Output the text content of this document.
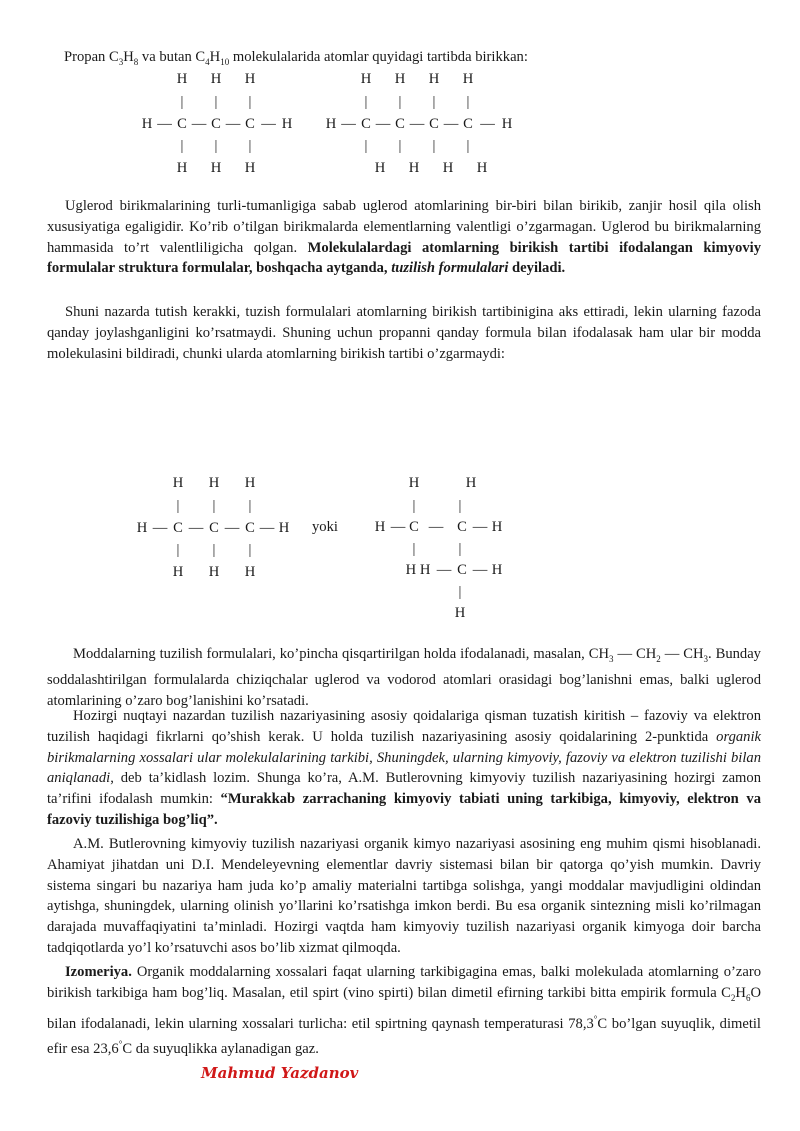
Propan $C_3H_8$ va butan $C_4H_{10}$ molekulalarida atomlar quyidagi tartibda birikkan:

H
|
H
|
H
|
H — C — C — C — H
|
H
|
H
|
H
H
|
H
|
H
|
H
|
H — C — C — C — C — H
|
H
|
H
|
H
|
H
H
|
H
|
H
|
H — C — C — C — H
|
H
|
H
|
H
H	H
|	|
H — C — C — H
|	|
H H — C — H
|
H
yoki

Uglerod birikmalarining turli-tumanligiga sabab uglerod atomlarining bir-biri bilan birikib, zanjir hosil qila olish xususiyatiga egaligidir. Ko’rib o’tilgan birikmalarda elementlarning valentligi o’zgarmagan. Uglerod bu birikmalarning hammasida to’rt valentliligicha qolgan. Molekulalardagi atomlarning birikish tartibi ifodalangan kimyoviy formulalar struktura formulalar, boshqacha aytganda, tuzilish formulalari deyiladi.

Shuni nazarda tutish kerakki, tuzish formulalari atomlarning birikish tartibinigina aks ettiradi, lekin ularning fazoda qanday joylashganligini ko’rsatmaydi. Shuning uchun propanni qanday formula bilan ifodalasak ham ular bir modda molekulasini bildiradi, chunki ularda atomlarning birikish tartibi o’zgarmaydi:

Moddalarning tuzilish formulalari, ko’pincha qisqartirilgan holda ifodalanadi, masalan, $CH_3$ — $CH_2$ — $CH_3$. Bunday soddalashtirilgan formulalarda chiziqchalar uglerod va vodorod atomlari orasidagi bog’lanishni emas, balki uglerod atomlarining o’zaro bog’lanishini ko’rsatadi.

Hozirgi nuqtayi nazardan tuzilish nazariyasining asosiy qoidalariga qisman tuzatish kiritish – fazoviy va elektron tuzilish haqidagi fikrlarni qo’shish kerak. U holda tuzilish nazariyasining asosiy qoidalarining 2-punktida organik birikmalarning xossalari ular molekulalarining tarkibi, Shuningdek, ularning kimyoviy, fazoviy va elektron tuzilishi bilan aniqlanadi, deb ta’kidlash lozim. Shunga ko’ra, A.M. Butlerovning kimyoviy tuzilish nazariyasining hozirgi zamon ta’rifini ifodalash mumkin: “Murakkab zarrachaning kimyoviy tabiati uning tarkibiga, kimyoviy, elektron va fazoviy tuzilishiga bog’liq”.

A.M. Butlerovning kimyoviy tuzilish nazariyasi organik kimyo nazariyasi asosining eng muhim qismi hisoblanadi. Ahamiyat jihatdan uni D.I. Mendeleyevning elementlar davriy sistemasi bilan bir qatorga qo’yish mumkin. Davriy sistema singari bu nazariya ham juda ko’p amaliy materialni tartibga solishga, yangi moddalar mavjudligini oldindan aytishga, shuningdek, ularning olinish yo’llarini ko’rsatishga imkon berdi. Bu esa organik sintezning misli ko’rilmagan darajada muvaffaqiyatini ta’minladi. Hozirgi vaqtda ham kimyoviy tuzilish nazariyasi organik kimyoga doir barcha tadqiqotlarda yo’l ko’rsatuvchi asos bo’lib xizmat qilmoqda.

Izomeriya. Organik moddalarning xossalari faqat ularning tarkibigagina emas, balki molekulada atomlarning o’zaro birikish tarkibiga ham bog’liq. Masalan, etil spirt (vino spirti) bilan dimetil efirning tarkibi bitta empirik formula $C_2H_6O$ bilan ifodalanadi, lekin ularning xossalari turlicha: etil spirtning qaynash temperaturasi 78,3°C bo’lgan suyuqlik, dimetil efir esa 23,6°C da suyuqlikka aylanadigan gaz.

Mahmud Yazdanov
